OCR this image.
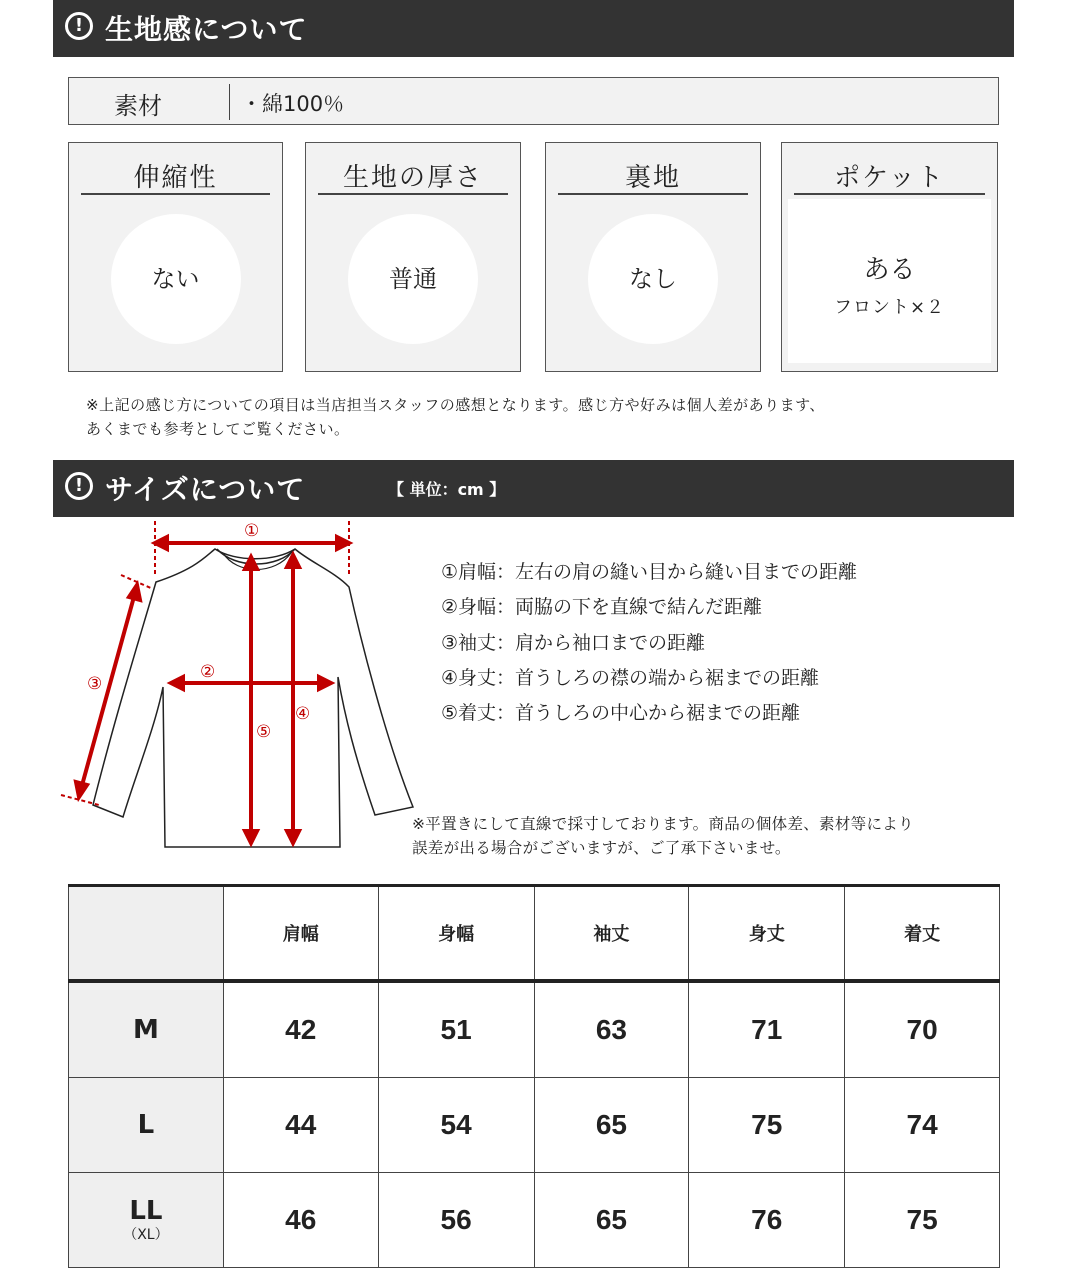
! 生地感について
素材	・綿100％
伸縮性
ない
生地の厚さ
普通
裏地
なし
ポケット
ある
フロント×２
※上記の感じ方についての項目は当店担当スタッフの感想となります。感じ方や好みは個人差があります、
あくまでも参考としてご覧ください。
! サイズについて	【 単位：cm 】
①
②
③
④
⑤
①肩幅：左右の肩の縫い目から縫い目までの距離
②身幅：両脇の下を直線で結んだ距離
③袖丈：肩から袖口までの距離
④身丈：首うしろの襟の端から裾までの距離
⑤着丈：首うしろの中心から裾までの距離
※平置きにして直線で採寸しております。商品の個体差、素材等により
誤差が出る場合がございますが、ご了承下さいませ。
	肩幅	身幅	袖丈	身丈	着丈
M	42	51	63	71	70
L	44	54	65	75	74
LL
（XL）	46	56	65	76	75
